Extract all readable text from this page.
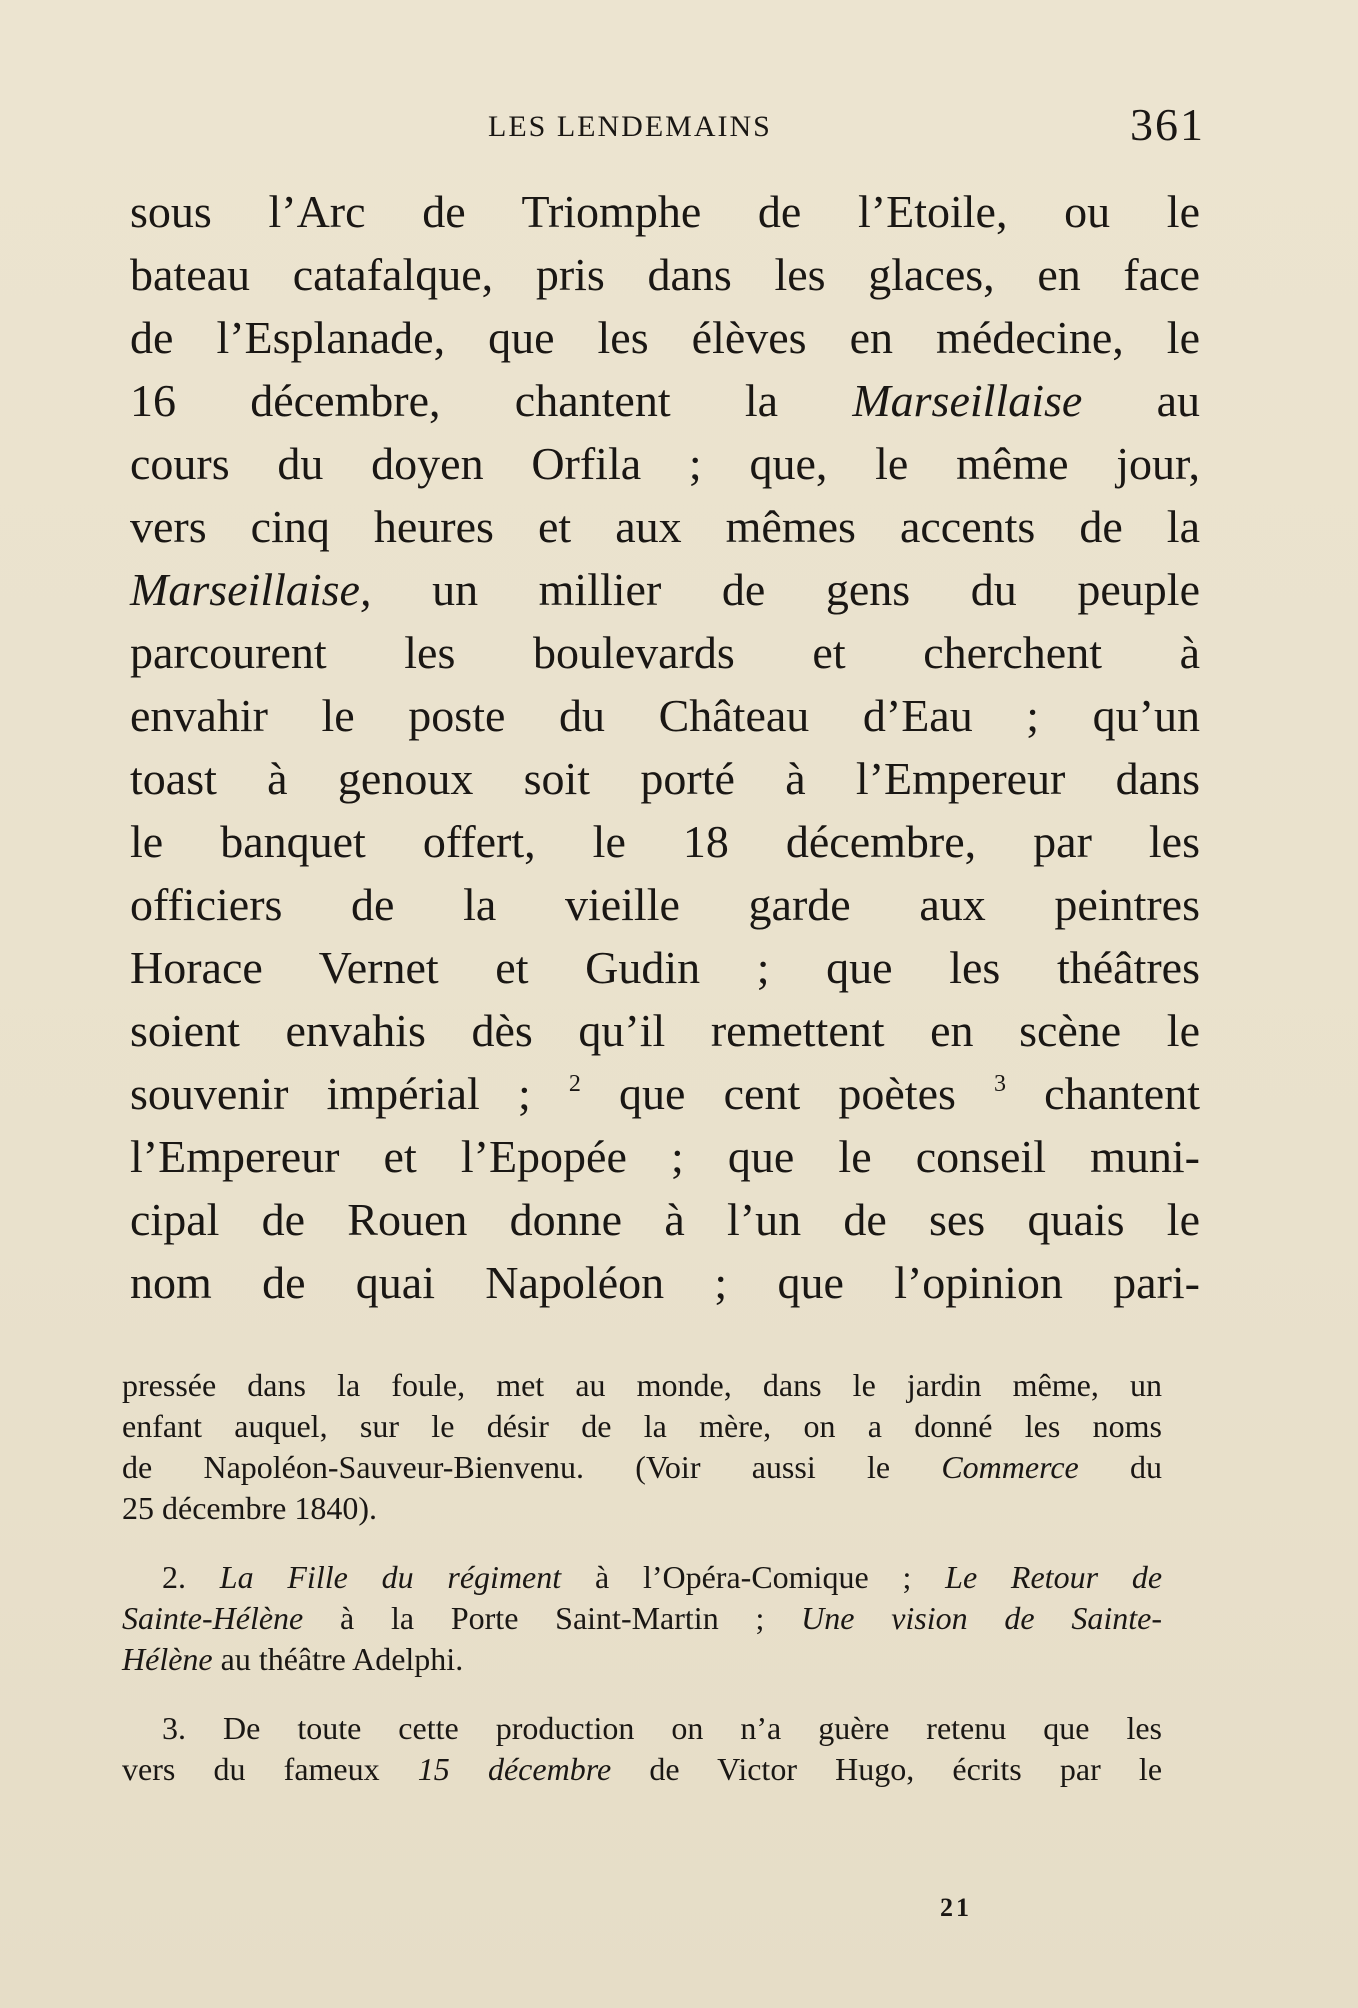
LES LENDEMAINS	361
sous l’Arc de Triomphe de l’Etoile, ou le
bateau catafalque, pris dans les glaces, en face
de l’Esplanade, que les élèves en médecine, le
16 décembre, chantent la Marseillaise au
cours du doyen Orfila ; que, le même jour,
vers cinq heures et aux mêmes accents de la
Marseillaise, un millier de gens du peuple
parcourent les boulevards et cherchent à
envahir le poste du Château d’Eau ; qu’un
toast à genoux soit porté à l’Empereur dans
le banquet offert, le 18 décembre, par les
officiers de la vieille garde aux peintres
Horace Vernet et Gudin ; que les théâtres
soient envahis dès qu’il remettent en scène le
souvenir impérial ; $^2$ que cent poètes $^3$ chantent
l’Empereur et l’Epopée ; que le conseil muni-
cipal de Rouen donne à l’un de ses quais le
nom de quai Napoléon ; que l’opinion pari-
pressée dans la foule, met au monde, dans le jardin même, un
enfant auquel, sur le désir de la mère, on a donné les noms
de Napoléon-Sauveur-Bienvenu. (Voir aussi le Commerce du
25 décembre 1840).
2. La Fille du régiment à l’Opéra-Comique ; Le Retour de
Sainte-Hélène à la Porte Saint-Martin ; Une vision de Sainte-
Hélène au théâtre Adelphi.
3. De toute cette production on n’a guère retenu que les
vers du fameux 15 décembre de Victor Hugo, écrits par le
21
